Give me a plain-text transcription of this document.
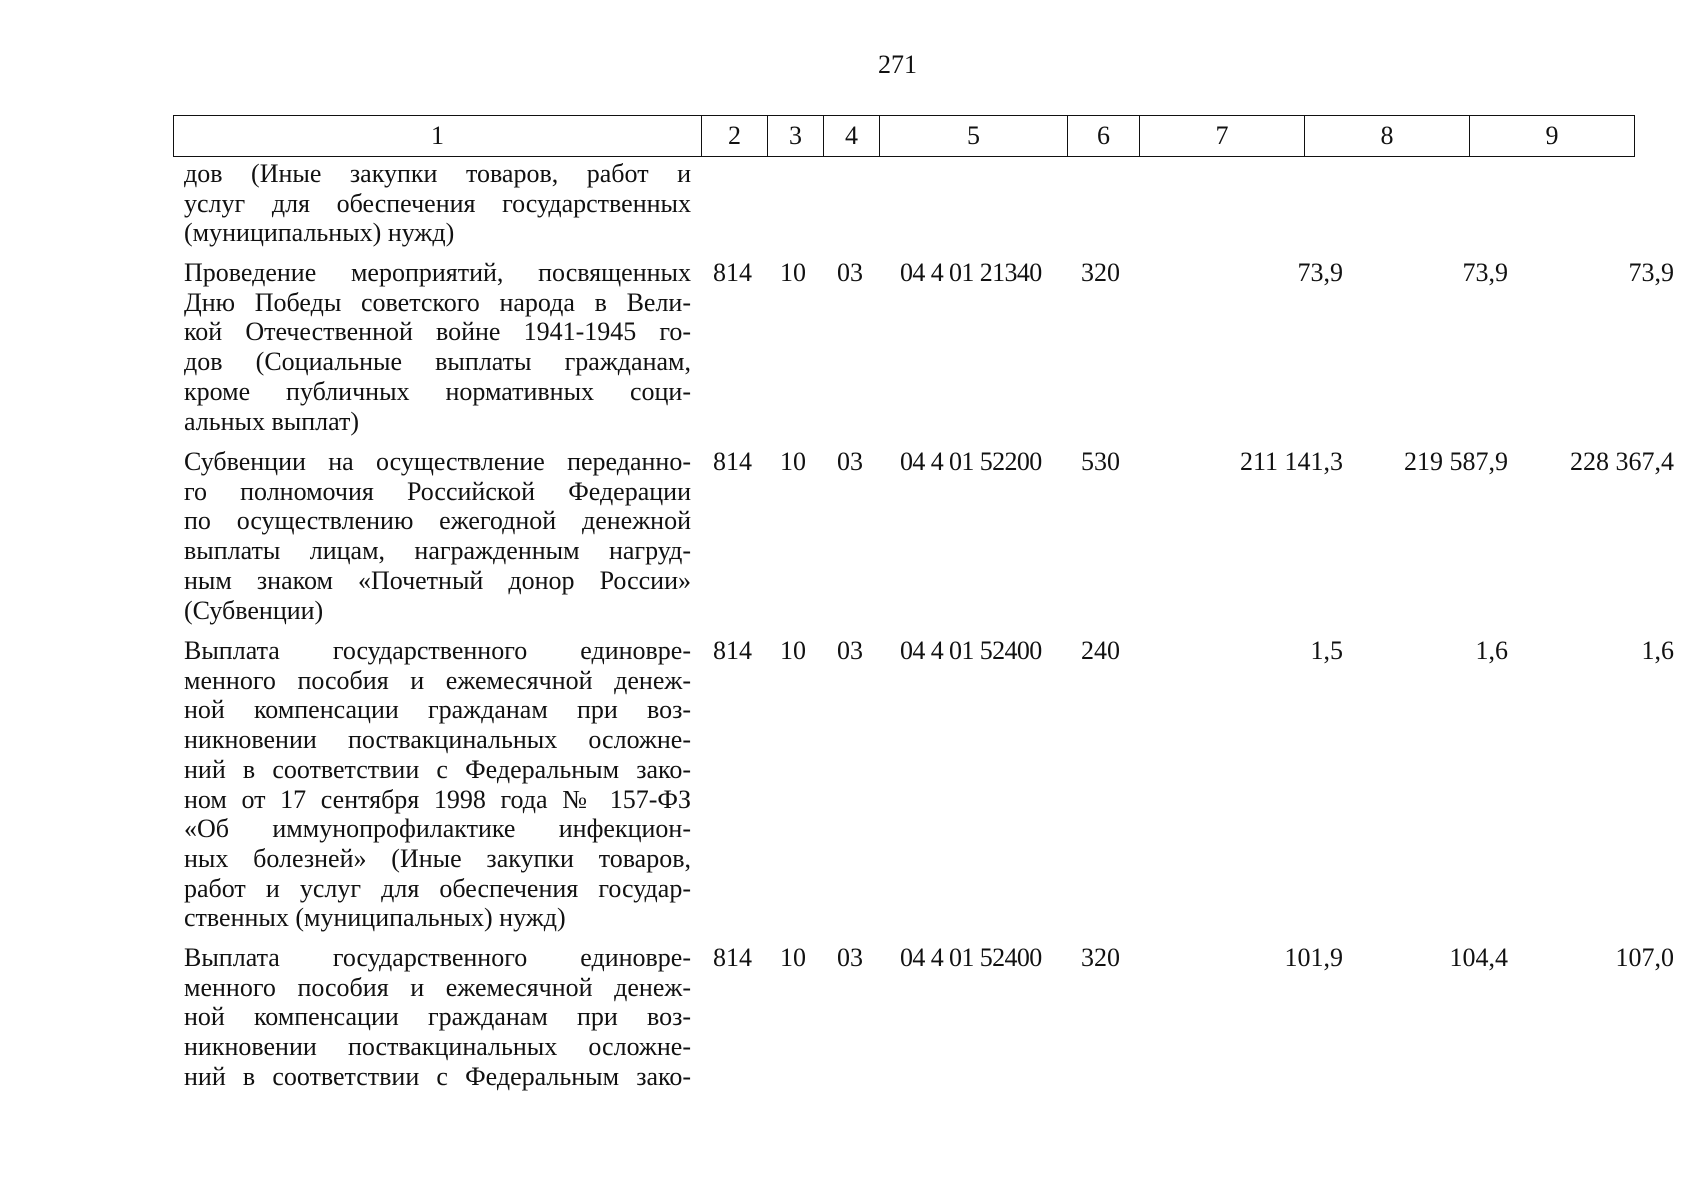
271
1	2	3	4	5	6	7	8	9
дов (Иные закупки товаров, работ и
услуг для обеспечения государственных
(муниципальных) нужд)
Проведение мероприятий, посвященных
Дню Победы советского народа в Вели-
кой Отечественной войне 1941-1945 го-
дов (Социальные выплаты гражданам,
кроме публичных нормативных соци-
альных выплат)
814	10	03	04 4 01 21340	320	73,9	73,9	73,9
Субвенции на осуществление переданно-
го полномочия Российской Федерации
по осуществлению ежегодной денежной
выплаты лицам, награжденным нагруд-
ным знаком «Почетный донор России»
(Субвенции)
814	10	03	04 4 01 52200	530	211 141,3	219 587,9	228 367,4
Выплата государственного единовре-
менного пособия и ежемесячной денеж-
ной компенсации гражданам при воз-
никновении поствакцинальных осложне-
ний в соответствии с Федеральным зако-
ном от 17 сентября 1998 года № 157-ФЗ
«Об иммунопрофилактике инфекцион-
ных болезней» (Иные закупки товаров,
работ и услуг для обеспечения государ-
ственных (муниципальных) нужд)
814	10	03	04 4 01 52400	240	1,5	1,6	1,6
Выплата государственного единовре-
менного пособия и ежемесячной денеж-
ной компенсации гражданам при воз-
никновении поствакцинальных осложне-
ний в соответствии с Федеральным зако-
814	10	03	04 4 01 52400	320	101,9	104,4	107,0
